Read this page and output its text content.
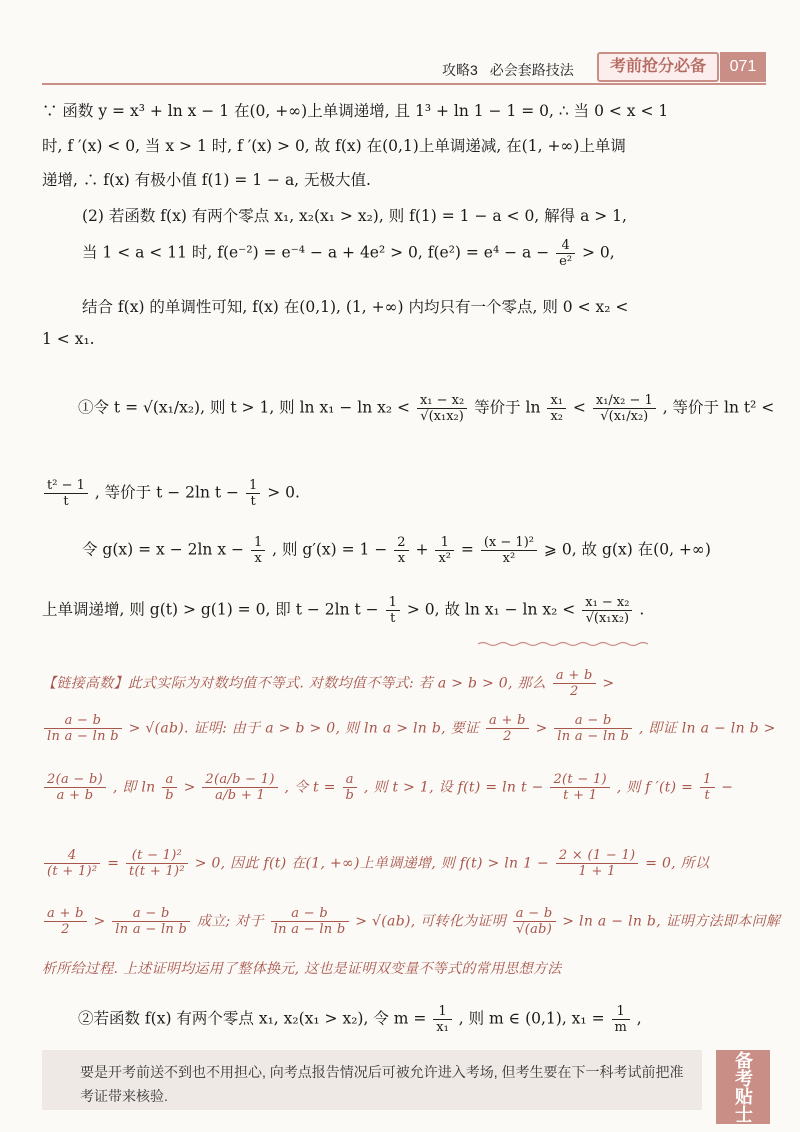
攻略3 必会套路技法	考前抢分必备	071
∵ 函数 y = x³ + ln x − 1 在(0, +∞)上单调递增, 且 1³ + ln 1 − 1 = 0, ∴ 当 0 < x < 1
时, f ′(x) < 0, 当 x > 1 时, f ′(x) > 0, 故 f(x) 在(0,1)上单调递减, 在(1, +∞)上单调
递增, ∴ f(x) 有极小值 f(1) = 1 − a, 无极大值.
(2) 若函数 f(x) 有两个零点 x₁, x₂(x₁ > x₂), 则 f(1) = 1 − a < 0, 解得 a > 1,
当 1 < a < 11 时, f(e⁻²) = e⁻⁴ − a + 4e² > 0, $f(e^2) = e^4 - a - \frac{4}{\text{e²}} > 0$,
结合 f(x) 的单调性可知, f(x) 在(0,1), (1, +∞) 内均只有一个零点, 则 0 < x₂ <
1 < x₁.
①令 t = √(x₁/x₂), 则 t > 1, 则 $\ln x_1 - \ln x_2 < \frac{\text{x₁ − x₂}}{\text{√(x₁x₂)}}$ 等价于 $\ln \frac{\text{x₁}}{\text{x₂}} < \frac{\text{x₁/x₂ − 1}}{\text{√(x₁/x₂)}}$ , 等价于 ln t² <
$\frac{\text{t² − 1}}{t}$ , 等价于 t − 2ln $t - \frac{1}{t} > 0$.
令 g(x) = x − 2ln $x - \frac{1}{x}$ , 则 $g'(x) = 1 - \frac{2}{x} + \frac{1}{\text{x²}} = \frac{\text{(x − 1)²}}{\text{x²}}$ ⩾ 0, 故 g(x) 在(0, +∞)
上单调递增, 则 g(t) > g(1) = 0, 即 t − 2ln $t - \frac{1}{t} > 0$, 故 $\ln x_1 - \ln x_2 < \frac{\text{x₁ − x₂}}{\text{√(x₁x₂)}}$ .
【链接高数】此式实际为对数均值不等式. 对数均值不等式: 若 a > b > 0, 那么 $\frac{a + b}{2}$ >
$\frac{a - b}{\text{ln a − ln b}} > √(ab)$. 证明: 由于 a > b > 0, 则 ln a > ln b, 要证 $\frac{a + b}{2} > \frac{a - b}{\text{ln a − ln b}}$ , 即证 ln a − ln b >
$\frac{2(a - b)}{a + b}$ , 即 $\ln \frac{a}{b} > \frac{2(a/b - 1)}{a/b + 1}$ , 令 $t = \frac{a}{b}$ , 则 t > 1, 设 $f(t) = \ln t - \frac{2(t - 1)}{t + 1}$ , 则 f $'(t) = \frac{1}{t}$ −
$\frac{4}{\text{(t + 1)²}} = \frac{\text{(t − 1)²}}{\text{t(t + 1)²}} > 0$, 因此 f(t) 在(1, +∞)上单调递增, 则 $f(t) > \ln 1 - \frac{2 \times (1 - 1)}{1 + 1} = 0$, 所以
$\frac{a + b}{2} > \frac{a - b}{\text{ln a − ln b}}$ 成立; 对于 $\frac{a - b}{\text{ln a − ln b}} > √(ab)$, 可转化为证明 $\frac{a - b}{√(ab)} > \ln a - \ln b$, 证明方法即本问解
析所给过程. 上述证明均运用了整体换元, 这也是证明双变量不等式的常用思想方法
②若函数 f(x) 有两个零点 x₁, x₂(x₁ > x₂), 令 $m = \frac{1}{\text{x₁}}$ , 则 m ∈ (0,1), $x_1 = \frac{1}{m}$ ,
要是开考前送不到也不用担心, 向考点报告情况后可被允许进入考场, 但考生要在下一科考试前把准考证带来核验.	备考贴士
